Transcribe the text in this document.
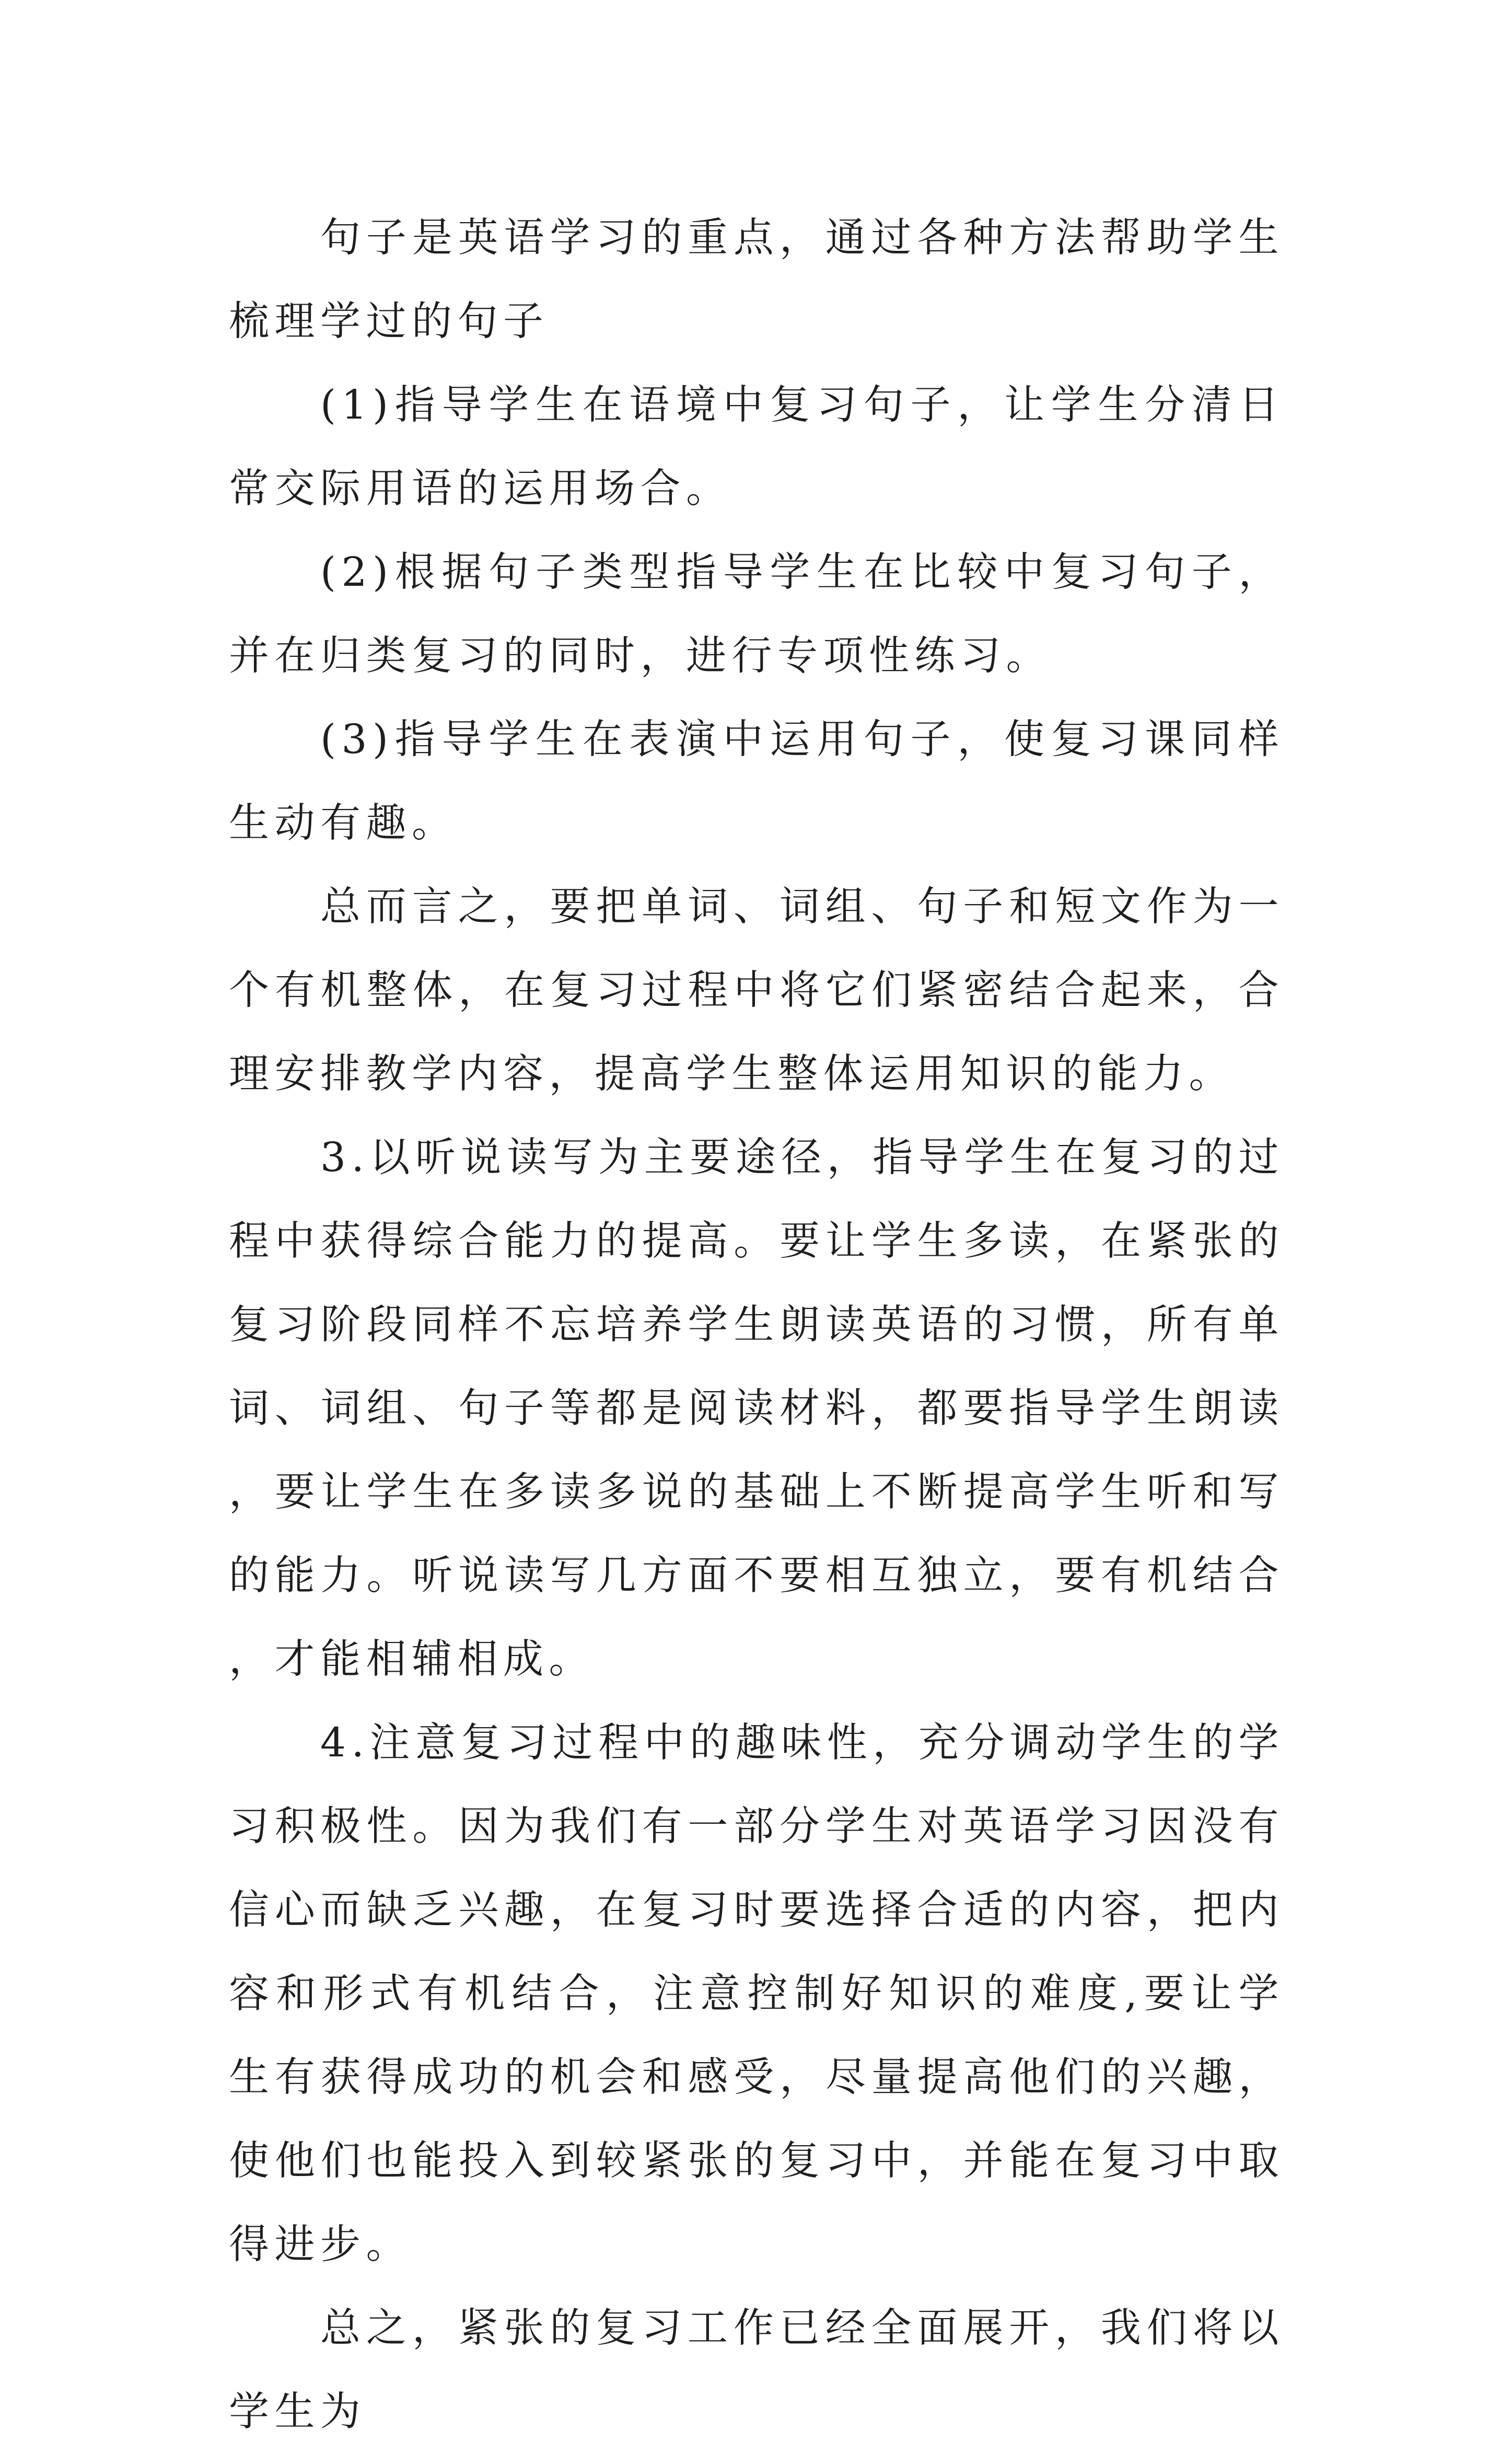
句子是英语学习的重点，通过各种方法帮助学生梳理学过的句子

(1)指导学生在语境中复习句子，让学生分清日常交际用语的运用场合。

(2)根据句子类型指导学生在比较中复习句子，并在归类复习的同时，进行专项性练习。

(3)指导学生在表演中运用句子，使复习课同样生动有趣。

总而言之，要把单词、词组、句子和短文作为一个有机整体，在复习过程中将它们紧密结合起来，合理安排教学内容，提高学生整体运用知识的能力。

3.以听说读写为主要途径，指导学生在复习的过程中获得综合能力的提高。要让学生多读，在紧张的复习阶段同样不忘培养学生朗读英语的习惯，所有单词、词组、句子等都是阅读材料，都要指导学生朗读，要让学生在多读多说的基础上不断提高学生听和写的能力。听说读写几方面不要相互独立，要有机结合，才能相辅相成。

4.注意复习过程中的趣味性，充分调动学生的学习积极性。因为我们有一部分学生对英语学习因没有信心而缺乏兴趣，在复习时要选择合适的内容，把内容和形式有机结合，注意控制好知识的难度,要让学生有获得成功的机会和感受，尽量提高他们的兴趣，使他们也能投入到较紧张的复习中，并能在复习中取得进步。

总之，紧张的复习工作已经全面展开，我们将以学生为
